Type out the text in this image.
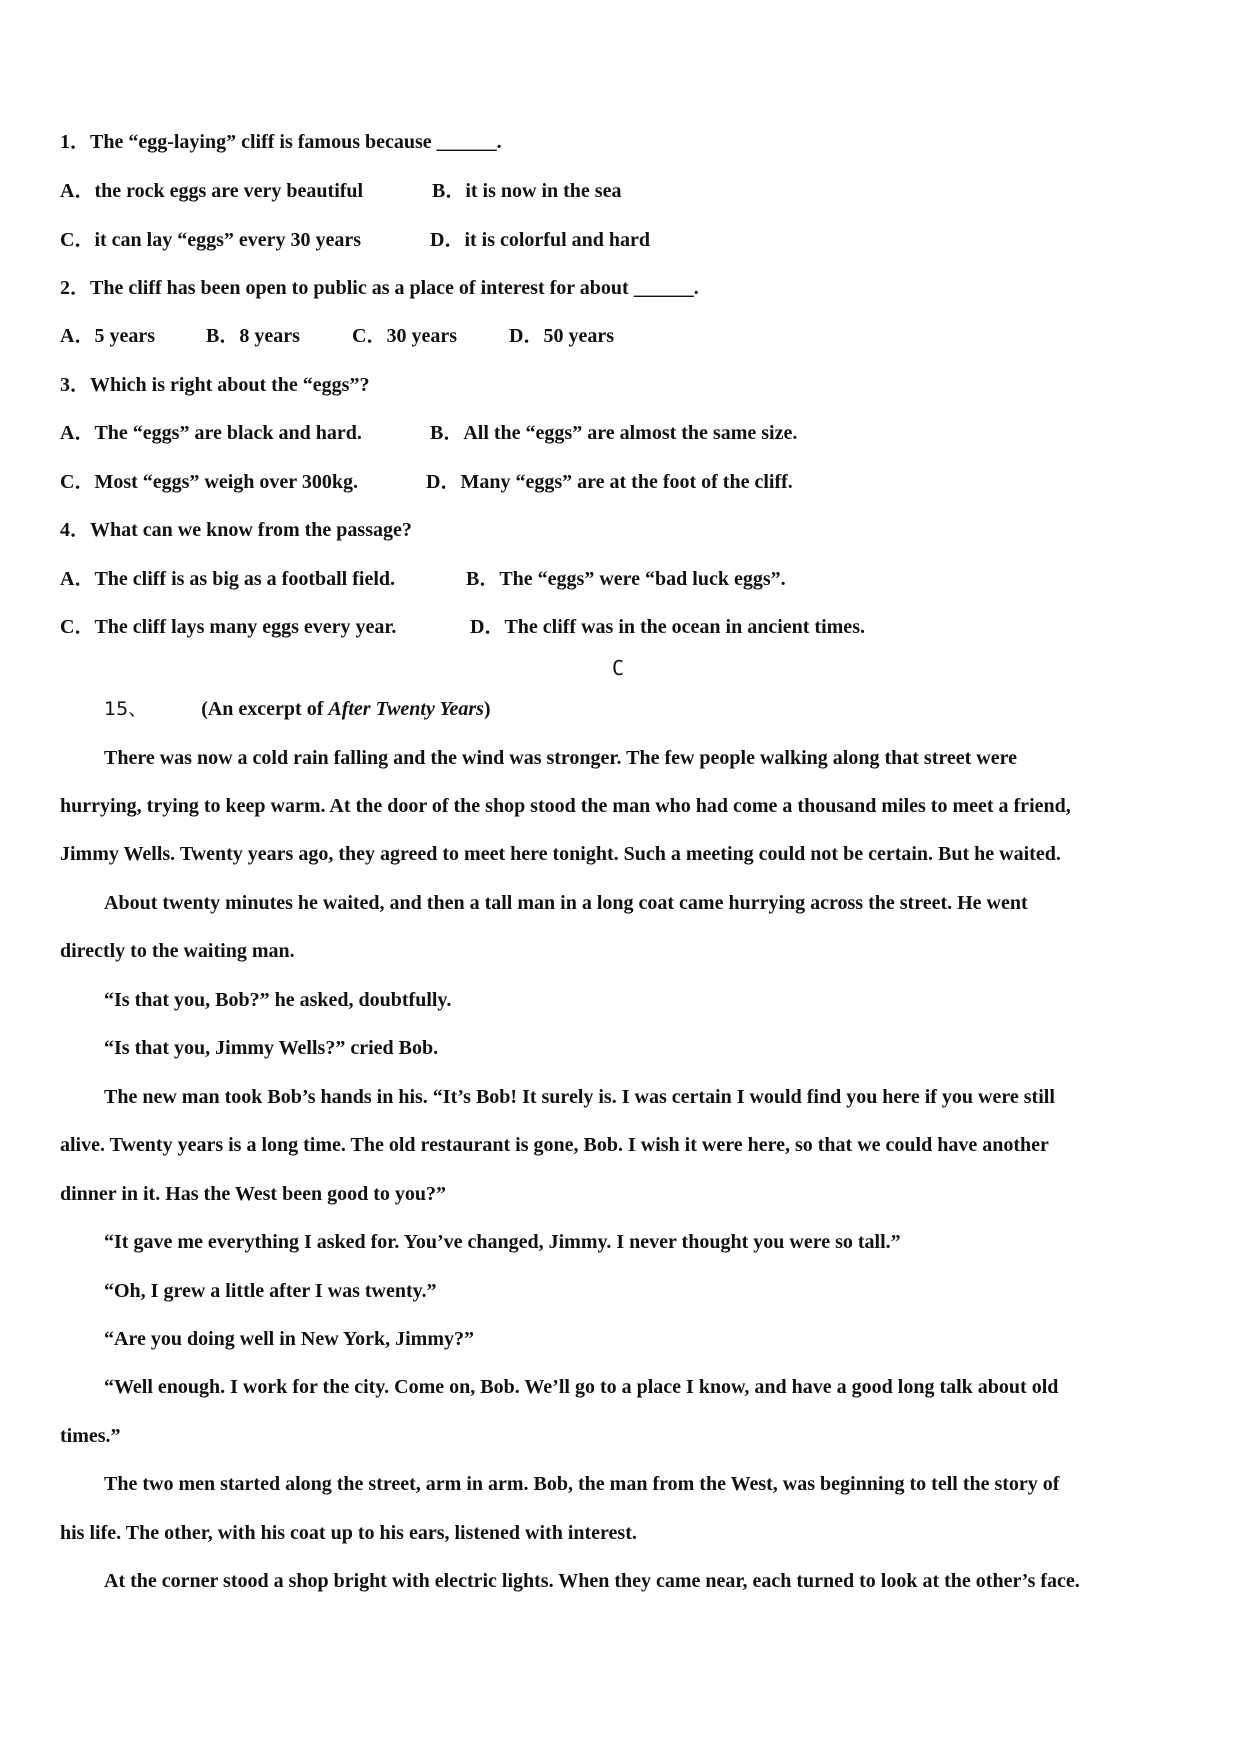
1．The “egg-laying” cliff is famous because ______.
A．the rock eggs are very beautiful	B．it is now in the sea
C．it can lay “eggs” every 30 years	D．it is colorful and hard
2．The cliff has been open to public as a place of interest for about ______.
A．5 years	B．8 years	C．30 years	D．50 years
3．Which is right about the “eggs”?
A．The “eggs” are black and hard.	B．All the “eggs” are almost the same size.
C．Most “eggs” weigh over 300kg.	D．Many “eggs” are at the foot of the cliff.
4．What can we know from the passage?
A．The cliff is as big as a football field.	B．The “eggs” were “bad luck eggs”.
C．The cliff lays many eggs every year.	D．The cliff was in the ocean in ancient times.
C
15、	(An excerpt of After Twenty Years)
There was now a cold rain falling and the wind was stronger. The few people walking along that street were
hurrying, trying to keep warm. At the door of the shop stood the man who had come a thousand miles to meet a friend,
Jimmy Wells. Twenty years ago, they agreed to meet here tonight. Such a meeting could not be certain. But he waited.
About twenty minutes he waited, and then a tall man in a long coat came hurrying across the street. He went
directly to the waiting man.
“Is that you, Bob?” he asked, doubtfully.
“Is that you, Jimmy Wells?” cried Bob.
The new man took Bob’s hands in his. “It’s Bob! It surely is. I was certain I would find you here if you were still
alive. Twenty years is a long time. The old restaurant is gone, Bob. I wish it were here, so that we could have another
dinner in it. Has the West been good to you?”
“It gave me everything I asked for. You’ve changed, Jimmy. I never thought you were so tall.”
“Oh, I grew a little after I was twenty.”
“Are you doing well in New York, Jimmy?”
“Well enough. I work for the city. Come on, Bob. We’ll go to a place I know, and have a good long talk about old
times.”
The two men started along the street, arm in arm. Bob, the man from the West, was beginning to tell the story of
his life. The other, with his coat up to his ears, listened with interest.
At the corner stood a shop bright with electric lights. When they came near, each turned to look at the other’s face.
